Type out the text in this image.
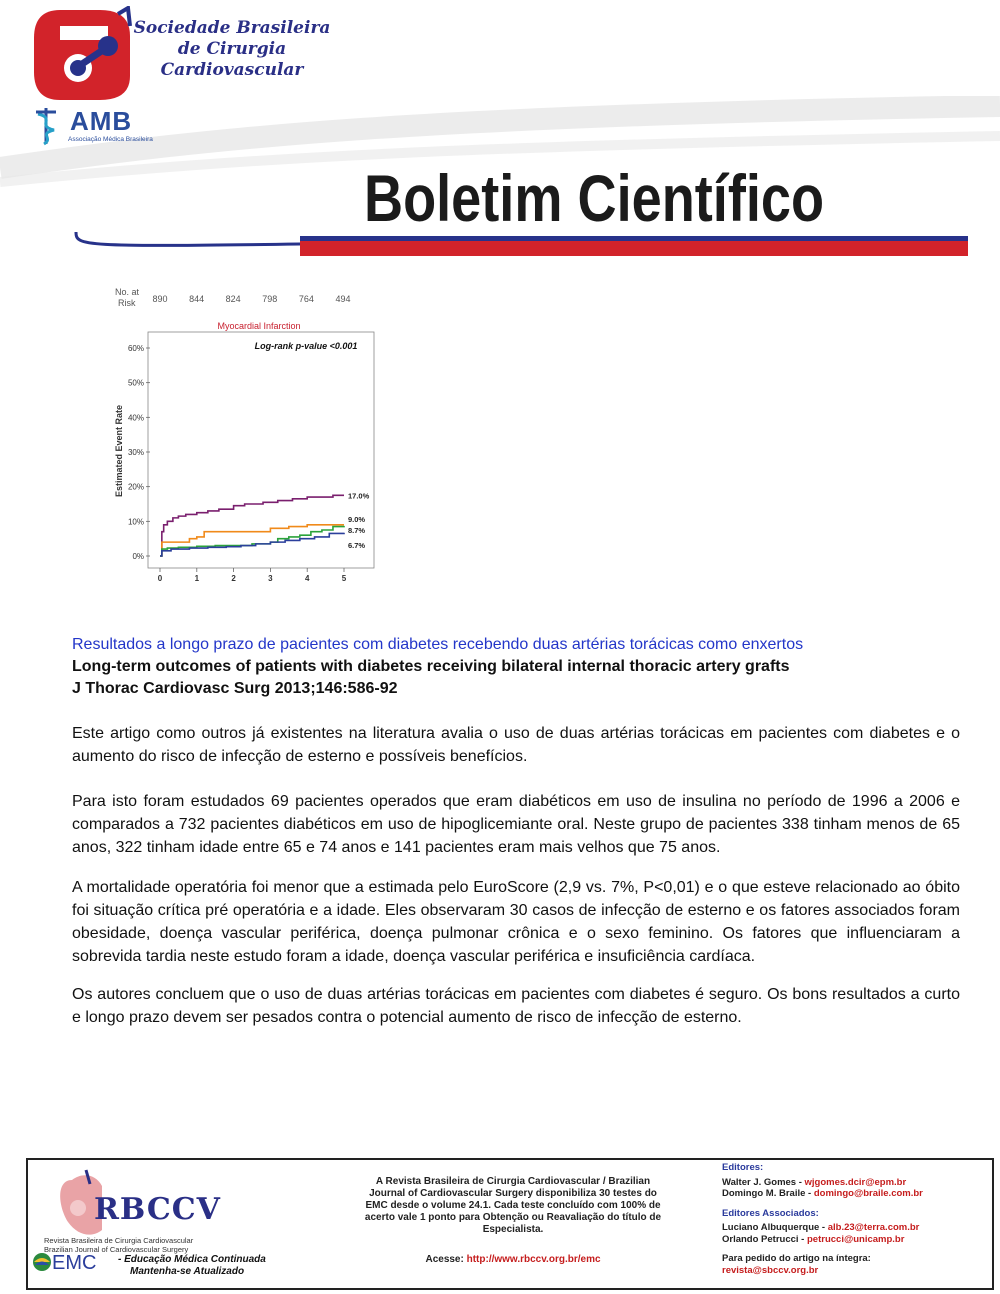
Sociedade Brasileira
de Cirurgia
Cardiovascular
AMB
Associação Médica Brasileira
Boletim Científico
No. at
Risk
Myocardial Infarction
Log-rank p-value <0.001
Estimated Event Rate
0%
10%
20%
30%
40%
50%
60%
0	1	2	3	4	5
890 844 824 798 764 494
17.0%
9.0%
8.7%
6.7%
Resultados a longo prazo de pacientes com diabetes recebendo duas artérias torácicas como enxertos
Long-term outcomes of patients with diabetes receiving bilateral internal thoracic artery grafts
J Thorac Cardiovasc Surg 2013;146:586-92
Este artigo como outros já existentes na literatura avalia o uso de duas artérias torácicas em pacientes com diabetes e o aumento do risco de infecção de esterno e possíveis benefícios.
Para isto foram estudados 69 pacientes operados que eram diabéticos em uso de insulina no período de 1996 a 2006 e comparados a 732 pacientes diabéticos em uso de hipoglicemiante oral. Neste grupo de pacientes 338 tinham menos de 65 anos, 322 tinham idade entre 65 e 74 anos e 141 pacientes eram mais velhos que 75 anos.
A mortalidade operatória foi menor que a estimada pelo EuroScore (2,9 vs. 7%, P<0,01) e o que esteve relacionado ao óbito foi situação crítica pré operatória e a idade. Eles observaram 30 casos de infecção de esterno e os fatores associados foram obesidade, doença vascular periférica, doença pulmonar crônica e o sexo feminino. Os fatores que influenciaram a sobrevida tardia neste estudo foram a idade, doença vascular periférica e insuficiência cardíaca.
Os autores concluem que o uso de duas artérias torácicas em pacientes com diabetes é seguro. Os bons resultados a curto e longo prazo devem ser pesados contra o potencial aumento de risco de infecção de esterno.
RBCCV
Revista Brasileira de Cirurgia Cardiovascular
Brazilian Journal of Cardiovascular Surgery
EMC - Educação Médica Continuada
Mantenha-se Atualizado
A Revista Brasileira de Cirurgia Cardiovascular / Brazilian Journal of Cardiovascular Surgery disponibiliza 30 testes do EMC desde o volume 24.1. Cada teste concluído com 100% de acerto vale 1 ponto para Obtenção ou Reavaliação do título de Especialista.
Acesse: http://www.rbccv.org.br/emc
Editores:
Walter J. Gomes - wjgomes.dcir@epm.br
Domingo M. Braile - domingo@braile.com.br
Editores Associados:
Luciano Albuquerque - alb.23@terra.com.br
Orlando Petrucci - petrucci@unicamp.br
Para pedido do artigo na íntegra:
revista@sbccv.org.br
